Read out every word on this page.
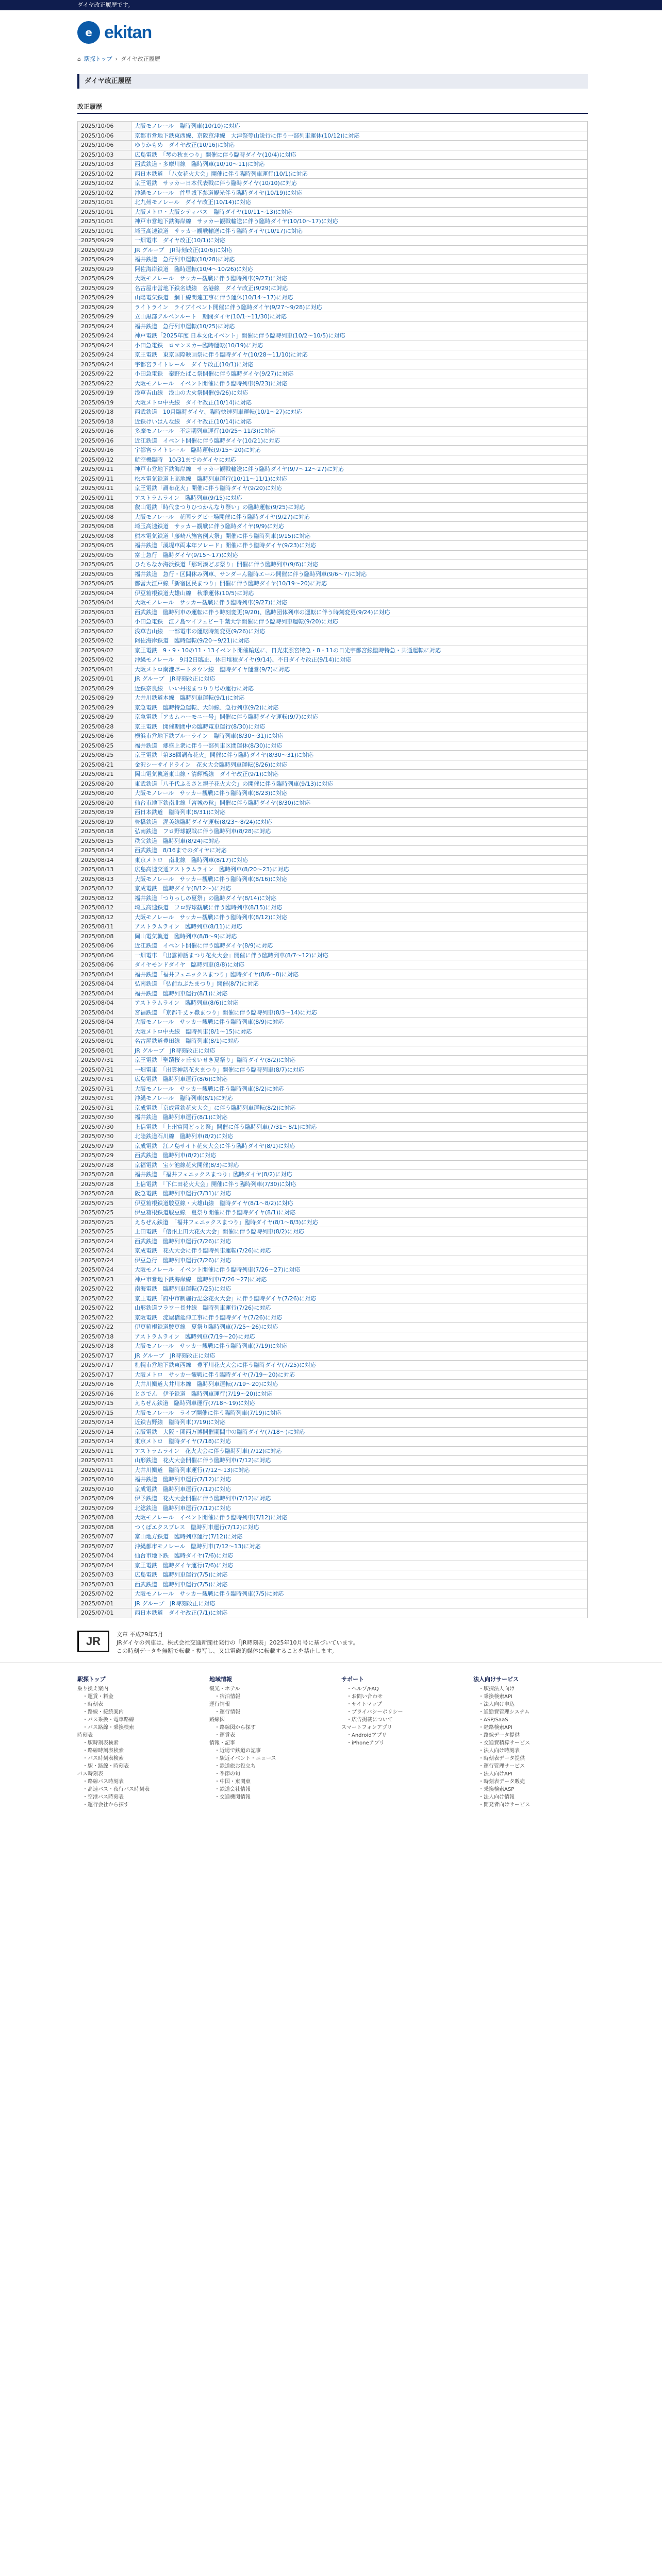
ダイヤ改正履歴です。
e ekitan
⌂ 駅探トップ › ダイヤ改正履歴
ダイヤ改正履歴
改正履歴
2025/10/06	大阪モノレール　臨時列車(10/10)に対応
2025/10/06	京都市営地下鉄東西線、京阪京津線　大津祭等山説行に伴う一部列車運休(10/12)に対応
2025/10/06	ゆりかもめ　ダイヤ改正(10/16)に対応
2025/10/03	広島電鉄　「琴の秋まつり」開催に伴う臨時ダイヤ(10/4)に対応
2025/10/03	西武鉄道・多摩川線　臨時列車(10/10～11)に対応
2025/10/02	西日本鉄道　「八女花火大会」開催に伴う臨時列車運行(10/1)に対応
2025/10/02	京王電鉄　サッカー日本代表戦に伴う臨時ダイヤ(10/10)に対応
2025/10/02	沖縄モノレール　首里城下参道観光伴う臨時ダイヤ(10/19)に対応
2025/10/01	北九州モノレール　ダイヤ改正(10/14)に対応
2025/10/01	大阪メトロ・大阪シティバス　臨時ダイヤ(10/11～13)に対応
2025/10/01	神戸市営地下鉄海岸線　サッカー観戦輸送に伴う臨時ダイヤ(10/10～17)に対応
2025/10/01	埼玉高速鉄道　サッカー観戦輸送に伴う臨時ダイヤ(10/17)に対応
2025/09/29	一畑電車　ダイヤ改正(10/1)に対応
2025/09/29	JR グループ　JR時刻改正(10/6)に対応
2025/09/29	福井鉄道　急行列車運転(10/28)に対応
2025/09/29	阿佐海岸鉄道　臨時運転(10/4～10/26)に対応
2025/09/29	大阪モノレール　サッカー観戦に伴う臨時列車(9/27)に対応
2025/09/29	名古屋市営地下鉄名城線　名港線　ダイヤ改正(9/29)に対応
2025/09/29	山陽電気鉄道　網干線関連工事に伴う運休(10/14～17)に対応
2025/09/29	ライトライン　ライブイベント開催に伴う臨時ダイヤ(9/27～9/28)に対応
2025/09/29	立山黒部アルペンルート　期間ダイヤ(10/1～11/30)に対応
2025/09/24	福井鉄道　急行列車運転(10/25)に対応
2025/09/24	神戸電鉄「2025年度 日本文化イベント」開催に伴う臨時列車(10/2～10/5)に対応
2025/09/24	小田急電鉄　ロマンスカー臨時運転(10/19)に対応
2025/09/24	京王電鉄　東京国際映画祭に伴う臨時ダイヤ(10/28～11/10)に対応
2025/09/24	宇都宮ライトレール　ダイヤ改正(10/1)に対応
2025/09/22	小田急電鉄　秦野たばこ祭開催に伴う臨時ダイヤ(9/27)に対応
2025/09/22	大阪モノレール　イベント開催に伴う臨時列車(9/23)に対応
2025/09/19	浅草吉山線　浅山の大火祭開催(9/26)に対応
2025/09/19	大阪メトロ中央線　ダイヤ改正(10/14)に対応
2025/09/18	西武鉄道　10月臨時ダイヤ、臨時快速列車運転(10/1～27)に対応
2025/09/18	近鉄けいはんな線　ダイヤ改正(10/14)に対応
2025/09/16	多摩モノレール　不定期列車運行(10/25～11/3)に対応
2025/09/16	近江鉄道　イベント開催に伴う臨時ダイヤ(10/21)に対応
2025/09/16	宇都宮ライトレール　臨時運転(9/15～20)に対応
2025/09/12	航空機臨時　10/31までのダイヤに対応
2025/09/11	神戸市営地下鉄海岸線　サッカー観戦輸送に伴う臨時ダイヤ(9/7～12～27)に対応
2025/09/11	松本電気鉄道上高地線　臨時列車運行(10/11～11/1)に対応
2025/09/11	京王電鉄「調布花火」開催に伴う臨時ダイヤ(9/20)に対応
2025/09/11	アストラムライン　臨時列車(9/15)に対応
2025/09/08	叡山電鉄「時代まつりひつかんなり祭い」の臨時運転(9/25)に対応
2025/09/08	大阪モノレール　花園ラグビー場開催に伴う臨時ダイヤ(9/27)に対応
2025/09/08	埼玉高速鉄道　サッカー観戦に伴う臨時ダイヤ(9/9)に対応
2025/09/08	熊本電気鉄道「藤崎八旛宮例大祭」開催に伴う臨時列車(9/15)に対応
2025/09/05	福井鉄道「溪堤車両本年ソレード」開催に伴う臨時ダイヤ(9/23)に対応
2025/09/05	富士急行　臨時ダイヤ(9/15～17)に対応
2025/09/05	ひたちなか海浜鉄道「那珂湊どぶ祭り」開催に伴う臨時列車(9/6)に対応
2025/09/05	福井鉄道　急行・区間休み列車、サンダーん臨時エール開催に伴う臨時列車(9/6～7)に対応
2025/09/05	都営大江戸線「新宿区民まつり」開催に伴う臨時ダイヤ(10/19～20)に対応
2025/09/04	伊豆箱根鉄道大雄山線　秋季運休(10/5)に対応
2025/09/04	大阪モノレール　サッカー観戦に伴う臨時列車(9/27)に対応
2025/09/03	西武鉄道　臨時列車の運転に伴う時刻変更(9/20)、臨時団体列車の運転に伴う時刻変更(9/24)に対応
2025/09/03	小田急電鉄　江ノ島マイフェビー千葉大学開催に伴う臨時列車運転(9/20)に対応
2025/09/02	浅草吉山線　一部電車の運転時刻変更(9/26)に対応
2025/09/02	阿佐海岸鉄道　臨時運転(9/20～9/21)に対応
2025/09/02	京王電鉄　9・9・10の11・13イベント開催輸送に、日光東照宮特急・8・11の日光宇都宮線臨時特急・共通運転に対応
2025/09/02	沖縄モノレール　9月2日臨止、休日堆積ダイヤ(9/14)、不日ダイヤ改正(9/14)に対応
2025/09/01	大阪メトロ南港ポートタウン線　臨時ダイヤ運営(9/7)に対応
2025/09/01	JR グループ　JR時刻改正に対応
2025/08/29	近鉄奈良線　いい丹後まつりり号の運行に対応
2025/08/29	大井川鉄道本線　臨時列車運転(9/1)に対応
2025/08/29	京急電鉄　臨時特急運転、大師線、急行列車(9/2)に対応
2025/08/29	京急電鉄「アカムハーモニー号」開催に伴う臨時ダイヤ運転(9/7)に対応
2025/08/28	京王電鉄　開催期間中の臨時電車運行(8/30)に対応
2025/08/26	横浜市営地下鉄ブルーライン　臨時列車(8/30～31)に対応
2025/08/25	福井鉄道　郷盛上衆に伴う一部列車区間運休(8/30)に対応
2025/08/25	京王電鉄「第38回調布花火」開催に伴う臨時ダイヤ(8/30～31)に対応
2025/08/21	金沢シーサイドライン　花火大会臨時列車運転(8/26)に対応
2025/08/21	岡山電気軌道東山線・清輝橋線　ダイヤ改正(9/1)に対応
2025/08/20	東武鉄道「八千代ふるさと親子花火大会」の開催に伴う臨時列車(9/13)に対応
2025/08/20	大阪モノレール　サッカー観戦に伴う臨時列車(8/23)に対応
2025/08/20	仙台市地下鉄南北線「宮城の秋」開催に伴う臨時ダイヤ(8/30)に対応
2025/08/19	西日本鉄道　臨時列車(8/31)に対応
2025/08/19	豊橋鉄道　渥美線臨時ダイヤ運転(8/23～8/24)に対応
2025/08/18	弘南鉄道　フロ野球観戦に伴う臨時列車(8/28)に対応
2025/08/15	秩父鉄道　臨時列車(8/24)に対応
2025/08/14	西武鉄道　8/16までのダイヤに対応
2025/08/14	東京メトロ　南北線　臨時列車(8/17)に対応
2025/08/13	広島高速交通アストラムライン　臨時列車(8/20～23)に対応
2025/08/13	大阪モノレール　サッカー観戦に伴う臨時列車(8/16)に対応
2025/08/12	京成電鉄　臨時ダイヤ(8/12～)に対応
2025/08/12	福井鉄道「つりっしの夏祭」の臨時ダイヤ(8/14)に対応
2025/08/12	埼玉高速鉄道　フロ野球観戦に伴う臨時列車(8/15)に対応
2025/08/12	大阪モノレール　サッカー観戦に伴う臨時列車(8/12)に対応
2025/08/11	アストラムライン　臨時列車(8/11)に対応
2025/08/08	岡山電気軌道　臨時列車(8/8～9)に対応
2025/08/06	近江鉄道　イベント開催に伴う臨時ダイヤ(8/9)に対応
2025/08/06	一畑電車　「出雲神話まつり花火大会」開催に伴う臨時列車(8/7～12)に対応
2025/08/06	ダイヤモンドダイヤ　臨時列車(8/8)に対応
2025/08/04	福井鉄道「福井フェニックスまつり」臨時ダイヤ(8/6～8)に対応
2025/08/04	弘南鉄道　「弘前ねぷたまつり」開催(8/7)に対応
2025/08/04	福井鉄道　臨時列車運行(8/1)に対応
2025/08/04	アストラムライン　臨時列車(8/6)に対応
2025/08/04	宮福鉄道　「京都千丈ヶ嶽まつり」開催に伴う臨時列車(8/3～14)に対応
2025/08/04	大阪モノレール　サッカー観戦に伴う臨時列車(8/9)に対応
2025/08/01	大阪メトロ中央線　臨時列車(8/1～15)に対応
2025/08/01	名古屋鉄道豊田線　臨時列車(8/1)に対応
2025/08/01	JR グループ　JR時刻改正に対応
2025/07/31	京王電鉄「聖蹟桜ヶ丘せいせき夏祭り」臨時ダイヤ(8/2)に対応
2025/07/31	一畑電車　「出雲神話花火まつり」開催に伴う臨時列車(8/7)に対応
2025/07/31	広島電鉄　臨時列車運行(8/6)に対応
2025/07/31	大阪モノレール　サッカー観戦に伴う臨時列車(8/2)に対応
2025/07/31	沖縄モノレール　臨時列車(8/1)に対応
2025/07/31	京成電鉄「京成電鉄花火大会」に伴う臨時列車運転(8/2)に対応
2025/07/30	福井鉄道　臨時列車運行(8/1)に対応
2025/07/30	上信電鉄　「上州富岡どっと祭」開催に伴う臨時列車(7/31～8/1)に対応
2025/07/30	北陸鉄道石川線　臨時列車(8/2)に対応
2025/07/29	京成電鉄　江ノ島サイト花火大会に伴う臨時ダイヤ(8/1)に対応
2025/07/29	西武鉄道　臨時列車(8/2)に対応
2025/07/28	京福電鉄　宝ケ池線花火開催(8/3)に対応
2025/07/28	福井鉄道　「福井フェニックスまつり」臨時ダイヤ(8/2)に対応
2025/07/28	上信電鉄　「下仁田花火大会」開催に伴う臨時列車(7/30)に対応
2025/07/28	阪急電鉄　臨時列車運行(7/31)に対応
2025/07/25	伊豆箱根鉄道駿豆線・大雄山線　臨時ダイヤ(8/1～8/2)に対応
2025/07/25	伊豆箱根鉄道駿豆線　夏祭り開催に伴う臨時ダイヤ(8/1)に対応
2025/07/25	えちぜん鉄道　「福井フェニックスまつり」臨時ダイヤ(8/1～8/3)に対応
2025/07/25	上田電鉄　「信州上田大花火大会」開催に伴う臨時列車(8/2)に対応
2025/07/24	西武鉄道　臨時列車運行(7/26)に対応
2025/07/24	京成電鉄　花火大会に伴う臨時列車運転(7/26)に対応
2025/07/24	伊豆急行　臨時列車運行(7/26)に対応
2025/07/24	大阪モノレール　イベント開催に伴う臨時列車(7/26～27)に対応
2025/07/23	神戸市営地下鉄海岸線　臨時列車(7/26～27)に対応
2025/07/22	南海電鉄　臨時列車運転(7/25)に対応
2025/07/22	京王電鉄「府中市制施行記念花火大会」に伴う臨時ダイヤ(7/26)に対応
2025/07/22	山形鉄道フラワー長井線　臨時列車運行(7/26)に対応
2025/07/22	京阪電鉄　淀屋橋延伸工事に伴う臨時ダイヤ(7/26)に対応
2025/07/22	伊豆箱根鉄道駿豆線　夏祭り臨時列車(7/25～26)に対応
2025/07/18	アストラムライン　臨時列車(7/19～20)に対応
2025/07/18	大阪モノレール　サッカー観戦に伴う臨時列車(7/19)に対応
2025/07/17	JR グループ　JR時刻改正に対応
2025/07/17	札幌市営地下鉄東西線　豊平川花火大会に伴う臨時ダイヤ(7/25)に対応
2025/07/17	大阪メトロ　サッカー観戦に伴う臨時ダイヤ(7/19～20)に対応
2025/07/16	大井川鐵道大井川本線　臨時列車運転(7/19～20)に対応
2025/07/16	とさでん　伊予鉄道　臨時列車運行(7/19～20)に対応
2025/07/15	えちぜん鉄道　臨時列車運行(7/18～19)に対応
2025/07/15	大阪モノレール　ライブ開催に伴う臨時列車(7/19)に対応
2025/07/14	近鉄吉野線　臨時列車(7/19)に対応
2025/07/14	京阪電鉄　大阪・関西万博開催期間中の臨時ダイヤ(7/18～)に対応
2025/07/14	東京メトロ　臨時ダイヤ(7/18)に対応
2025/07/11	アストラムライン　花火大会に伴う臨時列車(7/12)に対応
2025/07/11	山形鉄道　花火大会開催に伴う臨時列車(7/12)に対応
2025/07/11	大井川鐵道　臨時列車運行(7/12～13)に対応
2025/07/10	福井鉄道　臨時列車運行(7/12)に対応
2025/07/10	京成電鉄　臨時列車運行(7/12)に対応
2025/07/09	伊予鉄道　花火大会開催に伴う臨時列車(7/12)に対応
2025/07/09	北総鉄道　臨時列車運行(7/12)に対応
2025/07/08	大阪モノレール　イベント開催に伴う臨時列車(7/12)に対応
2025/07/08	つくばエクスプレス　臨時列車運行(7/12)に対応
2025/07/07	富山地方鉄道　臨時列車運行(7/12)に対応
2025/07/07	沖縄都市モノレール　臨時列車(7/12～13)に対応
2025/07/04	仙台市地下鉄　臨時ダイヤ(7/6)に対応
2025/07/04	京王電鉄　臨時ダイヤ運行(7/6)に対応
2025/07/03	広島電鉄　臨時列車運行(7/5)に対応
2025/07/03	西武鉄道　臨時列車運行(7/5)に対応
2025/07/02	大阪モノレール　サッカー観戦に伴う臨時列車(7/5)に対応
2025/07/01	JR グループ　JR時刻改正に対応
2025/07/01	西日本鉄道　ダイヤ改正(7/1)に対応
JR
文章 平成29年5月
JRダイヤの列車は、株式会社交通新聞社発行の「JR時刻表」2025年10月号に基づいています。
この時刻データを無断で転載・複写し、又は電磁的媒体に転載することを禁止します。
駅探トップ
乗り換え案内
・運賃・料金
・時刻表
・路線・接続案内
・バス乗換・電車路線
・バス路線・乗換検索
時刻表
・駅時刻表検索
・路線時刻表検索
・バス時刻表検索
・駅・路線・時刻表
バス時刻表
・路線バス時刻表
・高速バス・夜行バス時刻表
・空港バス時刻表
・運行会社から探す
地域情報
観光・ホテル
・宿泊情報
運行情報
・運行情報
路線図
・路線図から探す
・運賃表
情報・記事
・近場で鉄道の記事
・駅近イベント・ニュース
・鉄道旅お役立ち
・季節の旬
・中国・東関東
・鉄道会社情報
・交通機関情報
サポート
・ヘルプ/FAQ
・お問い合わせ
・サイトマップ
・プライバシーポリシー
・広告掲載について
スマートフォンアプリ
・Androidアプリ
・iPhoneアプリ
法人向けサービス
・駅探法人向け
・乗換検索API
・法人向け申込
・通勤費管理システム
・ASP/SaaS
・経路検索API
・路線データ提供
・交通費精算サービス
・法人向け時刻表
・時刻表データ提供
・運行管理サービス
・法人向けAPI
・時刻表データ販売
・乗換検索ASP
・法人向け情報
・開発者向けサービス
